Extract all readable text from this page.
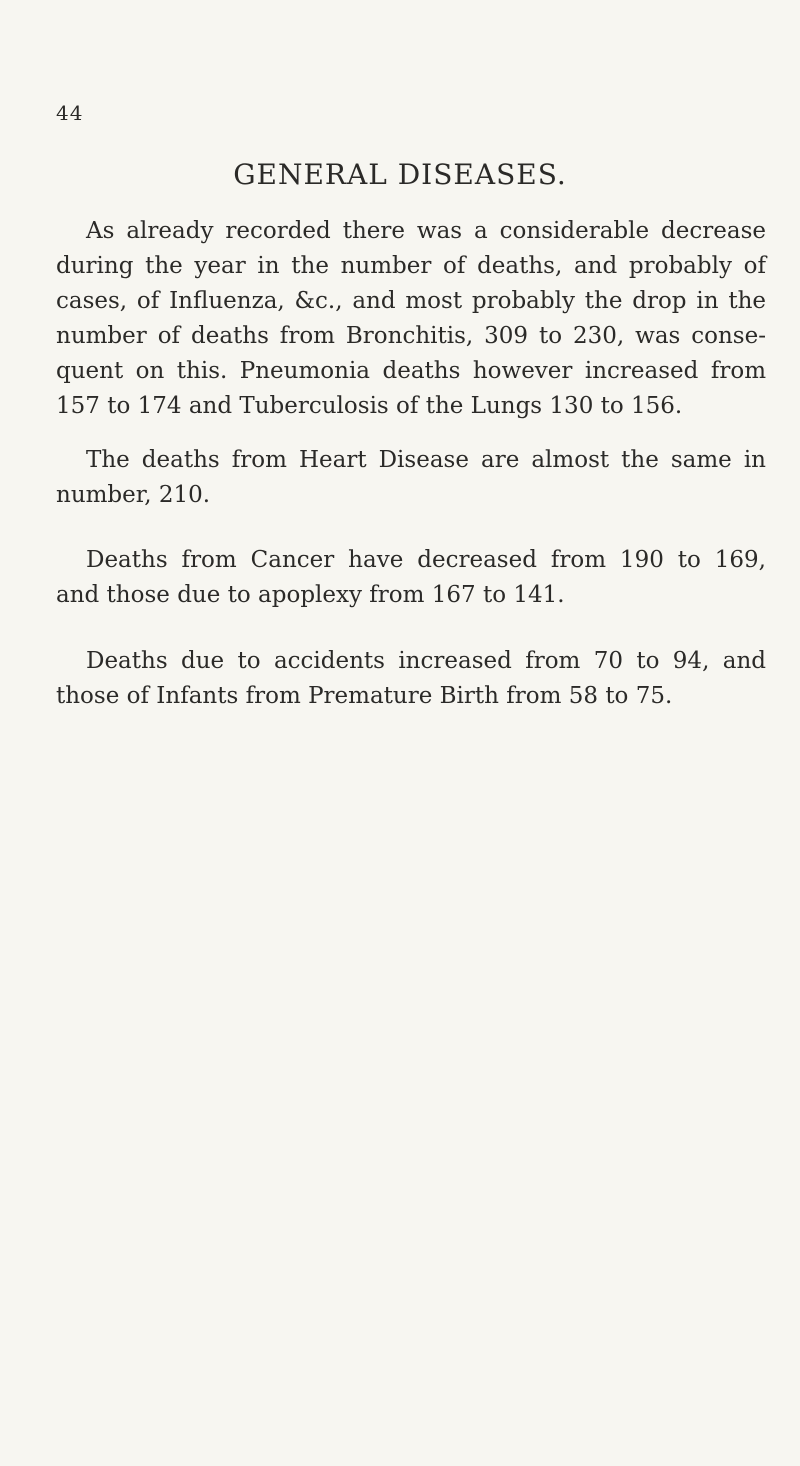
44
GENERAL DISEASES.

As already recorded there was a considerable decrease
during the year in the number of deaths, and probably of
cases, of Influenza, &c., and most probably the drop in the
number of deaths from Bronchitis, 309 to 230, was conse-
quent on this. Pneumonia deaths however increased from
157 to 174 and Tuberculosis of the Lungs 130 to 156.

The deaths from Heart Disease are almost the same in
number, 210.

Deaths from Cancer have decreased from 190 to 169,
and those due to apoplexy from 167 to 141.

Deaths due to accidents increased from 70 to 94, and
those of Infants from Premature Birth from 58 to 75.
